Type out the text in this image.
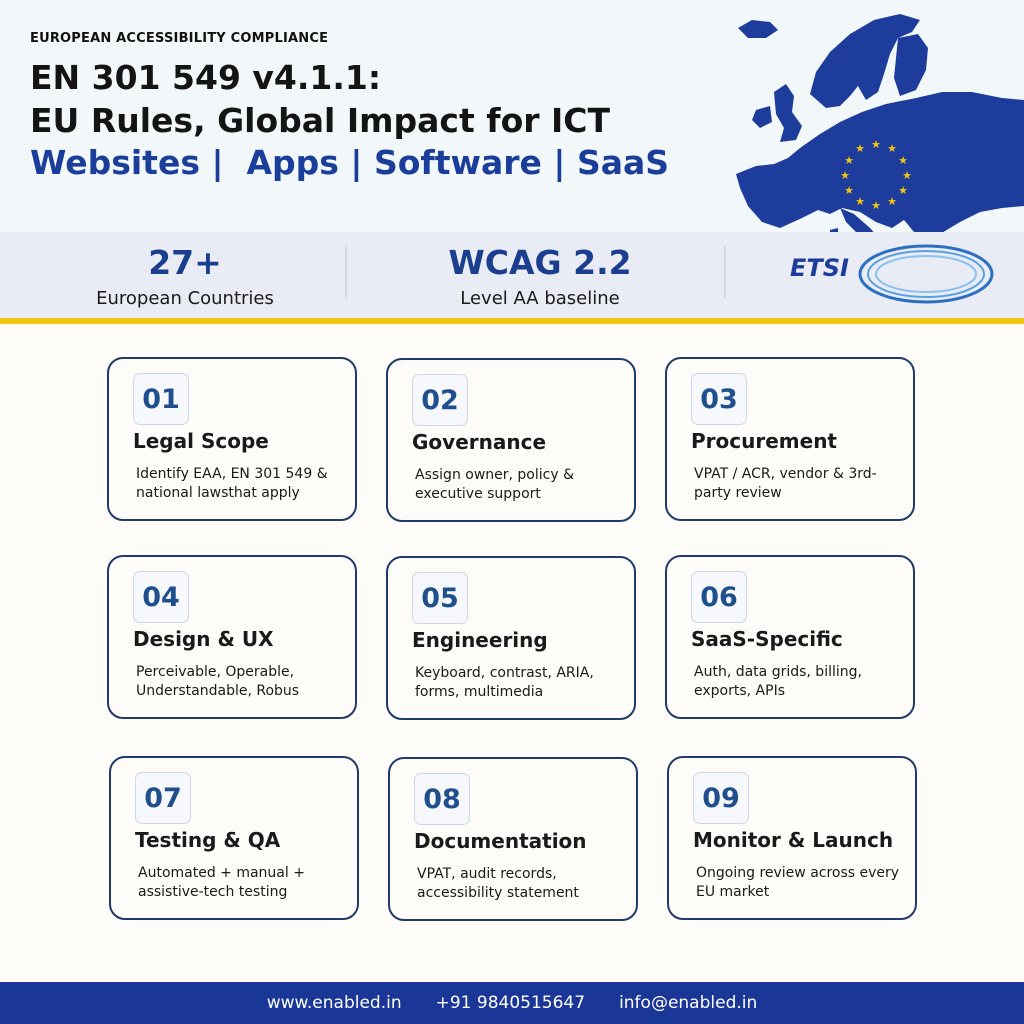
EUROPEAN ACCESSIBILITY COMPLIANCE
EN 301 549 v4.1.1:
EU Rules, Global Impact for ICT
Websites |  Apps | Software | SaaS	★ ★
★
★
★
★
★
★
★
★
★
★
27+
European Countries
WCAG 2.2
Level AA baseline
ETSI
01
Legal Scope
Identify EAA, EN 301 549 & national lawsthat apply
02
Governance
Assign owner, policy & executive support
03
Procurement
VPAT / ACR, vendor & 3rd-party review
04
Design & UX
Perceivable, Operable, Understandable, Robus
05
Engineering
Keyboard, contrast, ARIA, forms, multimedia
06
SaaS-Specific
Auth, data grids, billing, exports, APIs
07
Testing & QA
Automated + manual + assistive-tech testing
08
Documentation
VPAT, audit records, accessibility statement
09
Monitor & Launch
Ongoing review across every EU market
www.enabled.in +91 9840515647 info@enabled.in
